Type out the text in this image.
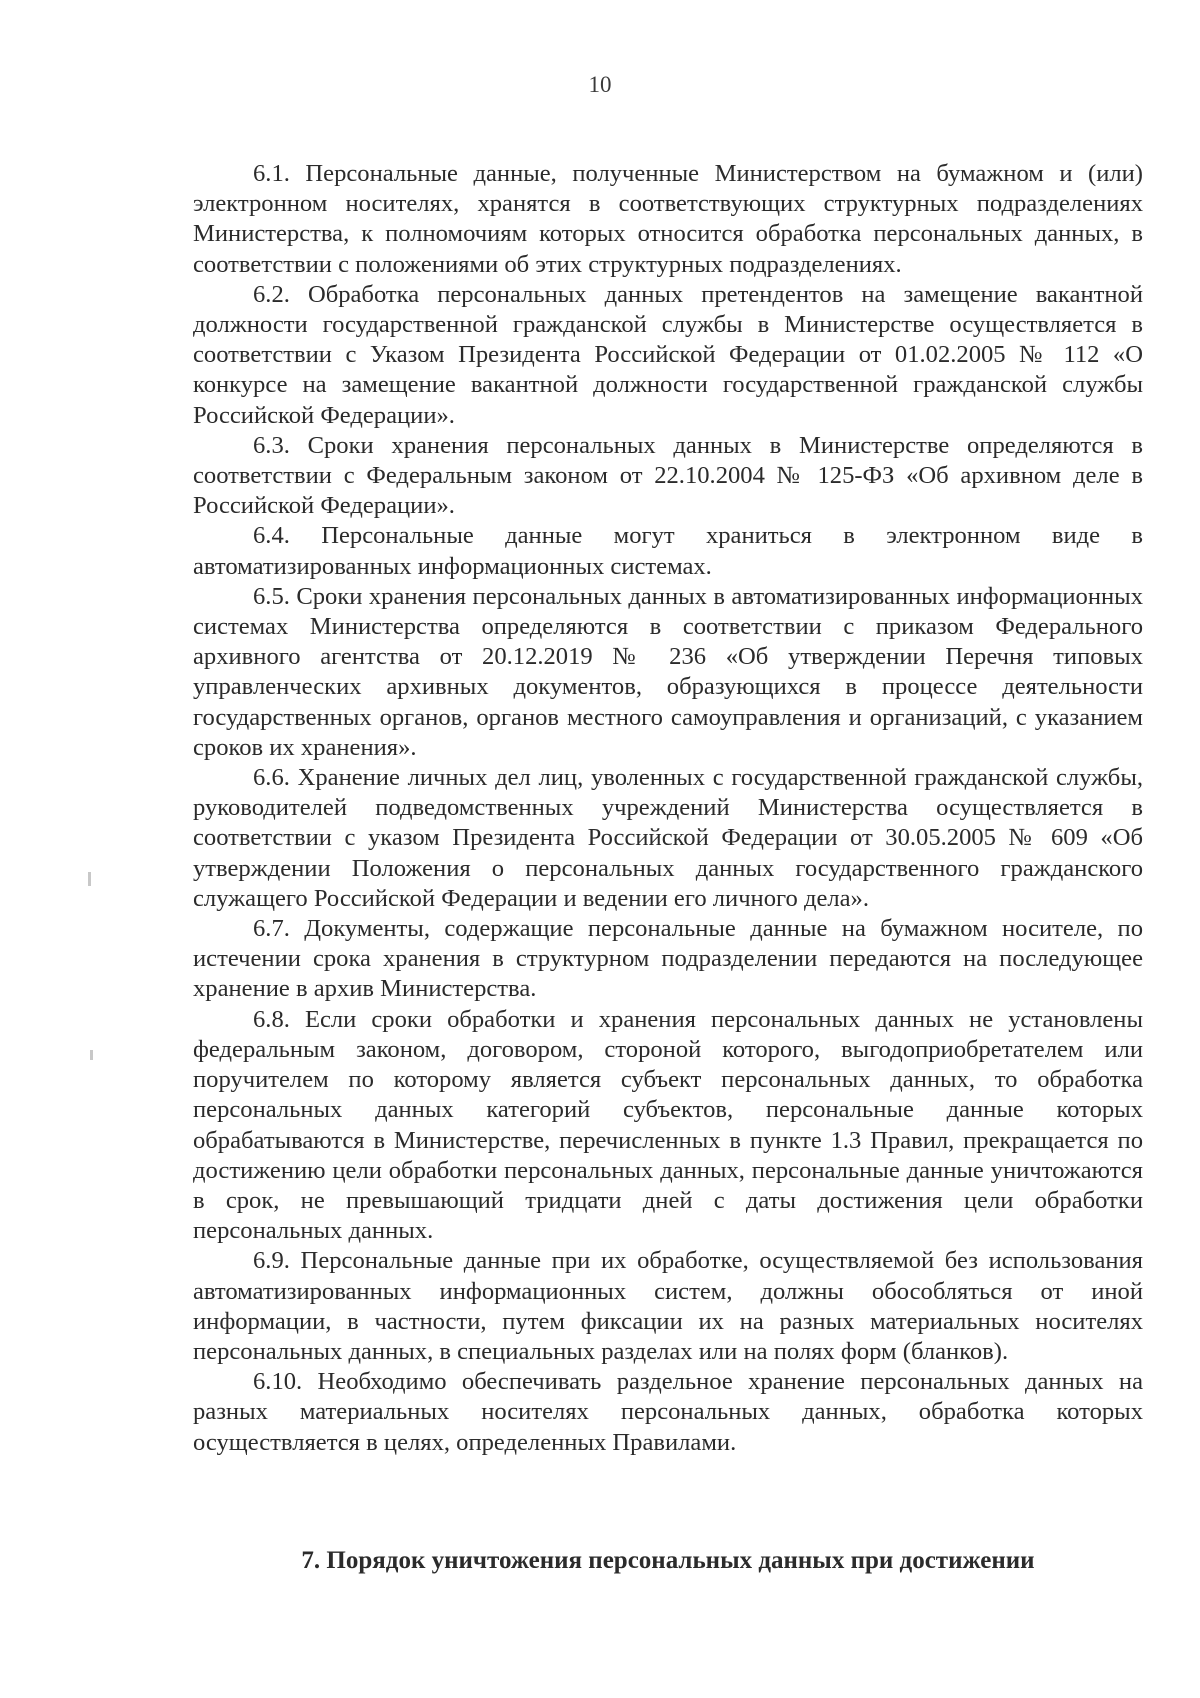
10

6.1. Персональные данные, полученные Министерством на бумажном и (или) электронном носителях, хранятся в соответствующих структурных подразделениях Министерства, к полномочиям которых относится обработка персональных данных, в соответствии с положениями об этих структурных подразделениях.

6.2. Обработка персональных данных претендентов на замещение вакантной должности государственной гражданской службы в Министерстве осуществляется в соответствии с Указом Президента Российской Федерации от 01.02.2005 № 112 «О конкурсе на замещение вакантной должности государственной гражданской службы Российской Федерации».

6.3. Сроки хранения персональных данных в Министерстве определяются в соответствии с Федеральным законом от 22.10.2004 № 125-ФЗ «Об архивном деле в Российской Федерации».

6.4. Персональные данные могут храниться в электронном виде в автоматизированных информационных системах.

6.5. Сроки хранения персональных данных в автоматизированных информационных системах Министерства определяются в соответствии с приказом Федерального архивного агентства от 20.12.2019 № 236 «Об утверждении Перечня типовых управленческих архивных документов, образующихся в процессе деятельности государственных органов, органов местного самоуправления и организаций, с указанием сроков их хранения».

6.6. Хранение личных дел лиц, уволенных с государственной гражданской службы, руководителей подведомственных учреждений Министерства осуществляется в соответствии с указом Президента Российской Федерации от 30.05.2005 № 609 «Об утверждении Положения о персональных данных государственного гражданского служащего Российской Федерации и ведении его личного дела».

6.7. Документы, содержащие персональные данные на бумажном носителе, по истечении срока хранения в структурном подразделении передаются на последующее хранение в архив Министерства.

6.8. Если сроки обработки и хранения персональных данных не установлены федеральным законом, договором, стороной которого, выгодоприобретателем или поручителем по которому является субъект персональных данных, то обработка персональных данных категорий субъектов, персональные данные которых обрабатываются в Министерстве, перечисленных в пункте 1.3 Правил, прекращается по достижению цели обработки персональных данных, персональные данные уничтожаются в срок, не превышающий тридцати дней с даты достижения цели обработки персональных данных.

6.9. Персональные данные при их обработке, осуществляемой без использования автоматизированных информационных систем, должны обособляться от иной информации, в частности, путем фиксации их на разных материальных носителях персональных данных, в специальных разделах или на полях форм (бланков).

6.10. Необходимо обеспечивать раздельное хранение персональных данных на разных материальных носителях персональных данных, обработка которых осуществляется в целях, определенных Правилами.

7. Порядок уничтожения персональных данных при достижении
